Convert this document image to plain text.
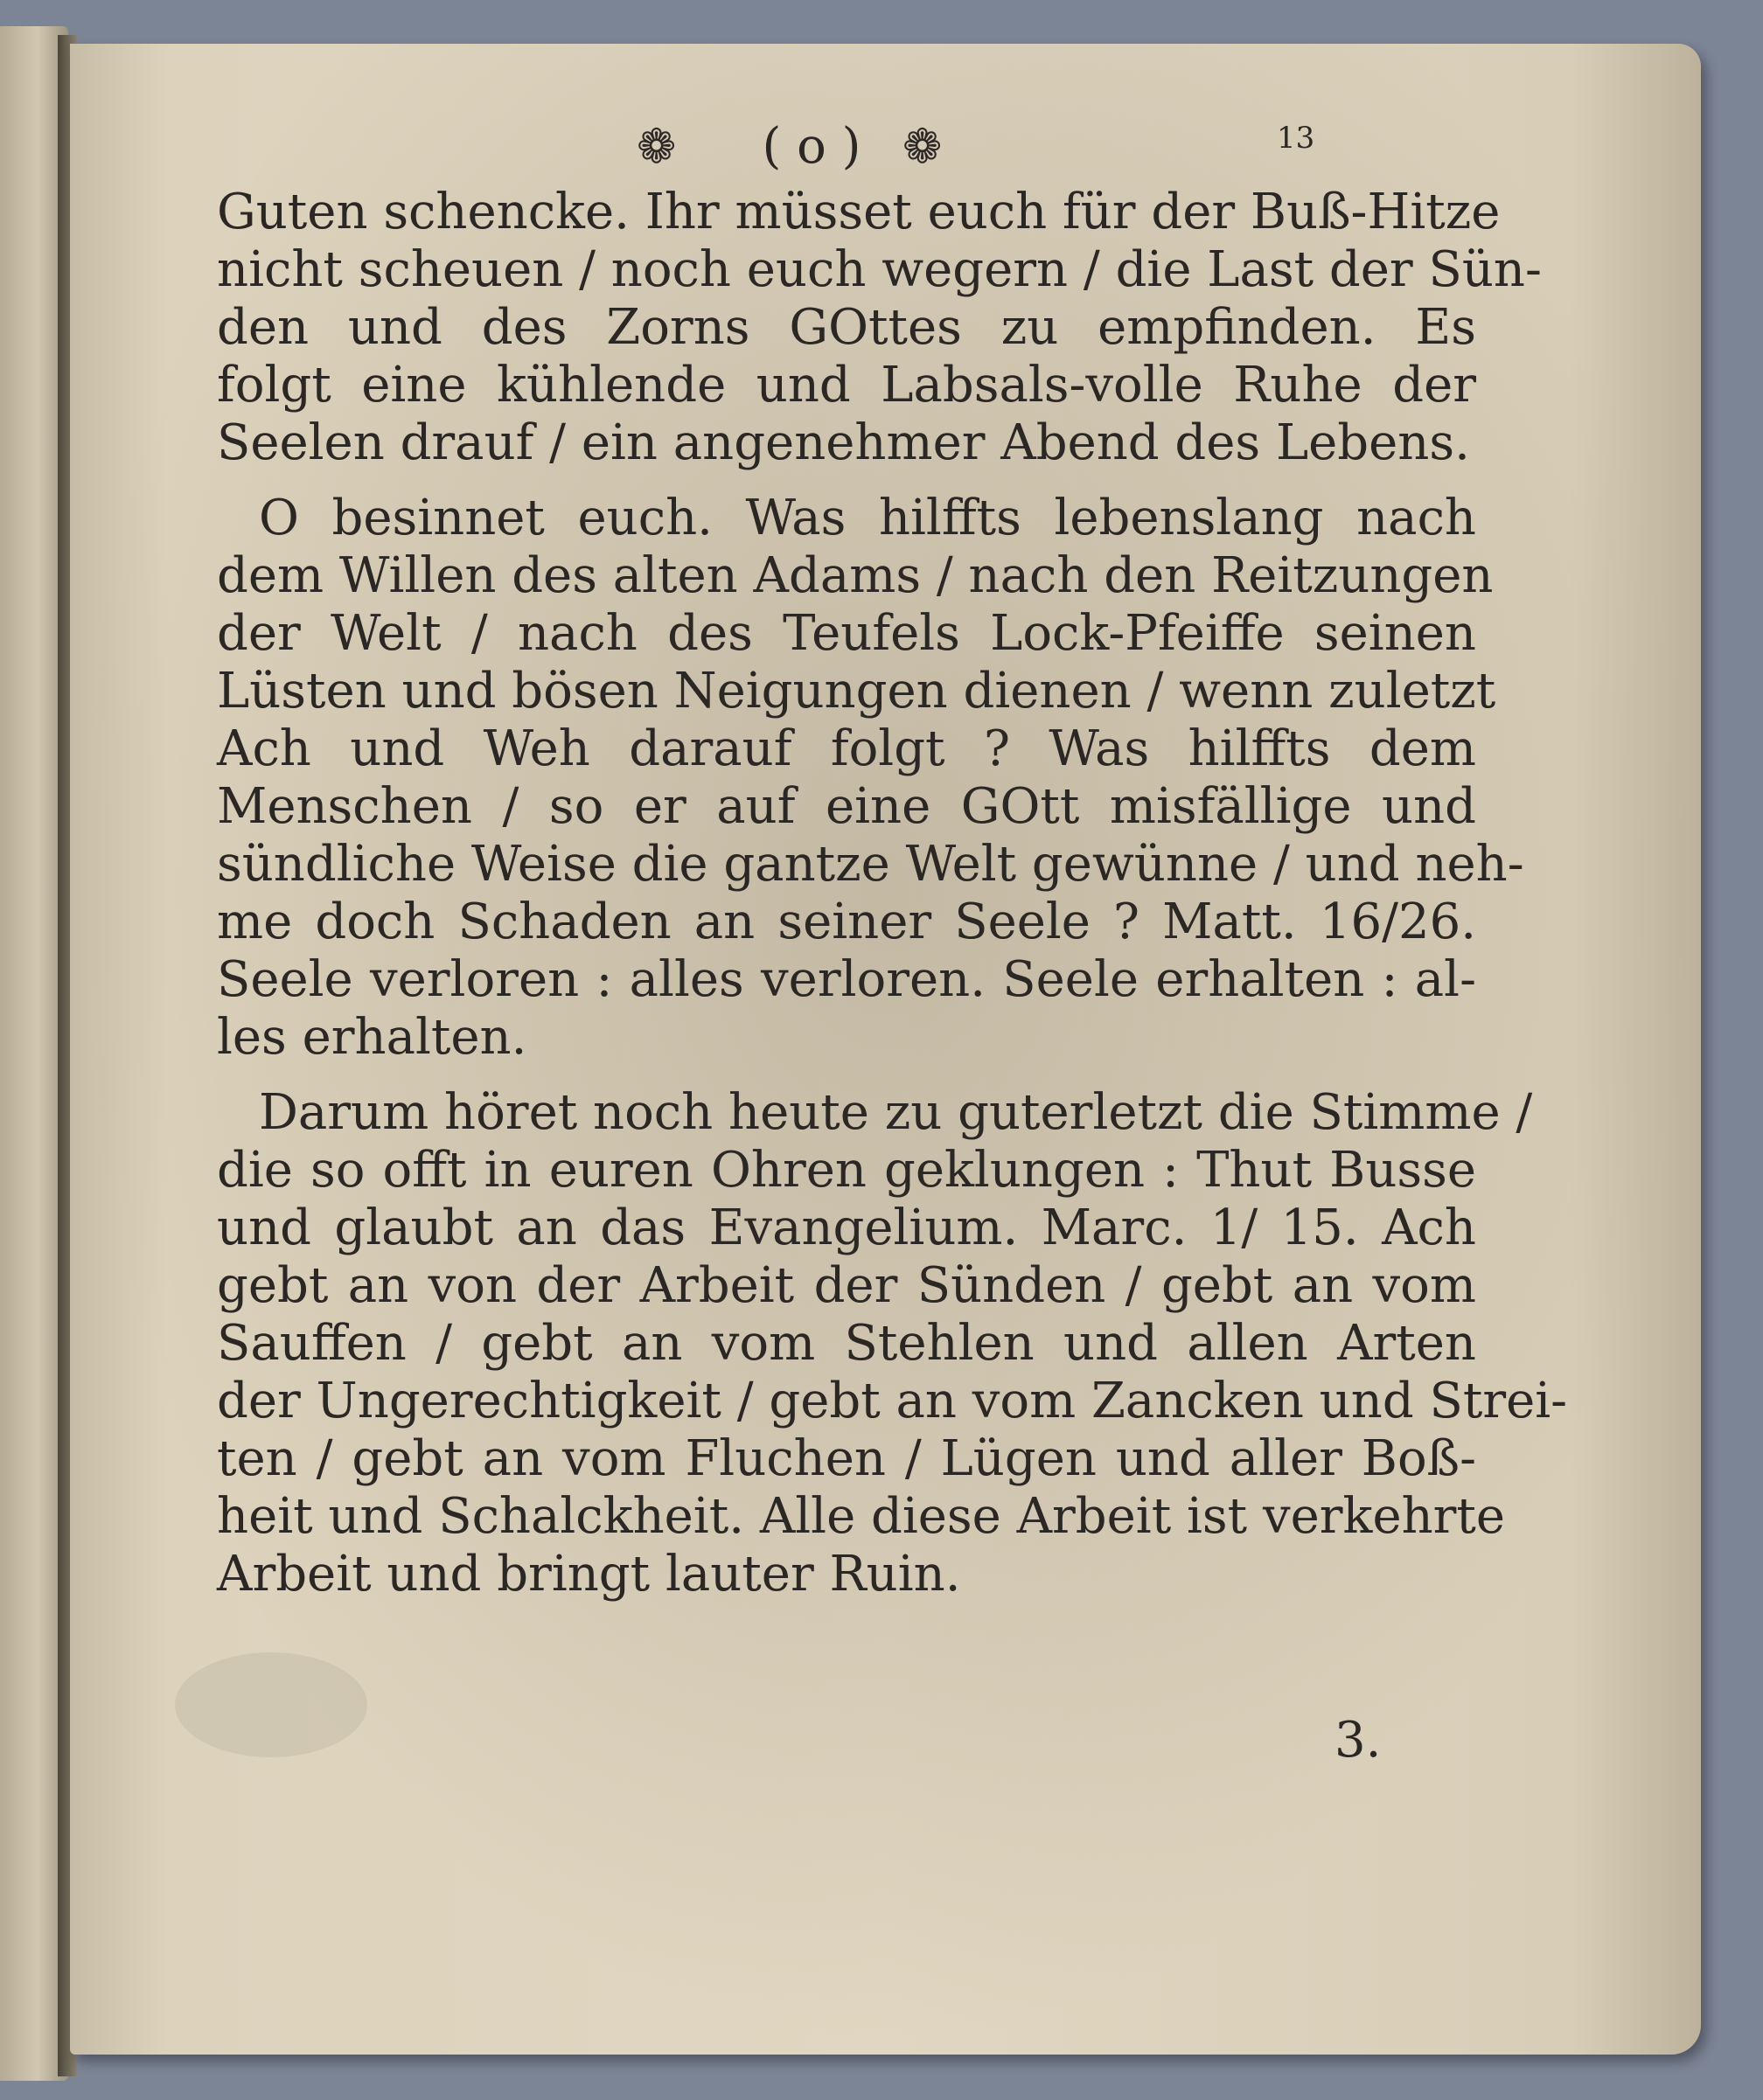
❁	( o ) ❁	13
Guten schencke. Ihr müsset euch für der Buß-Hitze
nicht scheuen / noch euch wegern / die Last der Sün-
den und des Zorns GOttes zu empfinden. Es
folgt eine kühlende und Labsals-volle Ruhe der
Seelen drauf / ein angenehmer Abend des Lebens.
O besinnet euch. Was hilffts lebenslang nach
dem Willen des alten Adams / nach den Reitzungen
der Welt / nach des Teufels Lock-Pfeiffe seinen
Lüsten und bösen Neigungen dienen / wenn zuletzt
Ach und Weh darauf folgt ? Was hilffts dem
Menschen / so er auf eine GOtt misfällige und
sündliche Weise die gantze Welt gewünne / und neh-
me doch Schaden an seiner Seele ? Matt. 16/26.
Seele verloren : alles verloren. Seele erhalten : al-
les erhalten.
Darum höret noch heute zu guterletzt die Stimme /
die so offt in euren Ohren geklungen : Thut Busse
und glaubt an das Evangelium. Marc. 1/ 15. Ach
gebt an von der Arbeit der Sünden / gebt an vom
Sauffen / gebt an vom Stehlen und allen Arten
der Ungerechtigkeit / gebt an vom Zancken und Strei-
ten / gebt an vom Fluchen / Lügen und aller Boß-
heit und Schalckheit. Alle diese Arbeit ist verkehrte
Arbeit und bringt lauter Ruin.
3.
